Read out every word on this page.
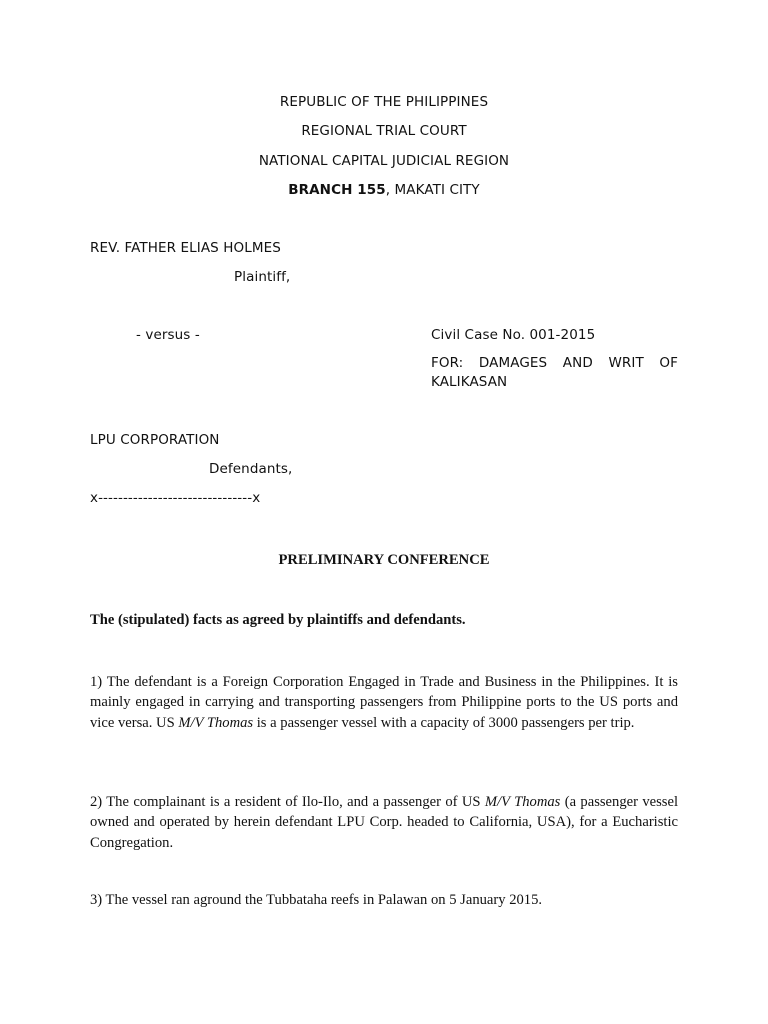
REPUBLIC OF THE PHILIPPINES
REGIONAL TRIAL COURT
NATIONAL CAPITAL JUDICIAL REGION
BRANCH 155, MAKATI CITY
REV. FATHER ELIAS HOLMES
Plaintiff,
- versus -	Civil Case No. 001-2015
FOR:  DAMAGES  AND  WRIT  OF KALIKASAN
LPU CORPORATION
Defendants,
x-------------------------------x
PRELIMINARY CONFERENCE
The (stipulated) facts as agreed by plaintiffs and defendants.
1) The defendant is a Foreign Corporation Engaged in Trade and Business in the Philippines. It is mainly engaged in carrying and transporting passengers from Philippine ports to the US ports and vice versa. US M/V Thomas is a passenger vessel with a capacity of 3000 passengers per trip.
2) The complainant is a resident of Ilo-Ilo, and a passenger of US M/V Thomas (a passenger vessel owned and operated by herein defendant LPU Corp. headed to California, USA), for a Eucharistic Congregation.
3) The vessel ran aground the Tubbataha reefs in Palawan on 5 January 2015.
